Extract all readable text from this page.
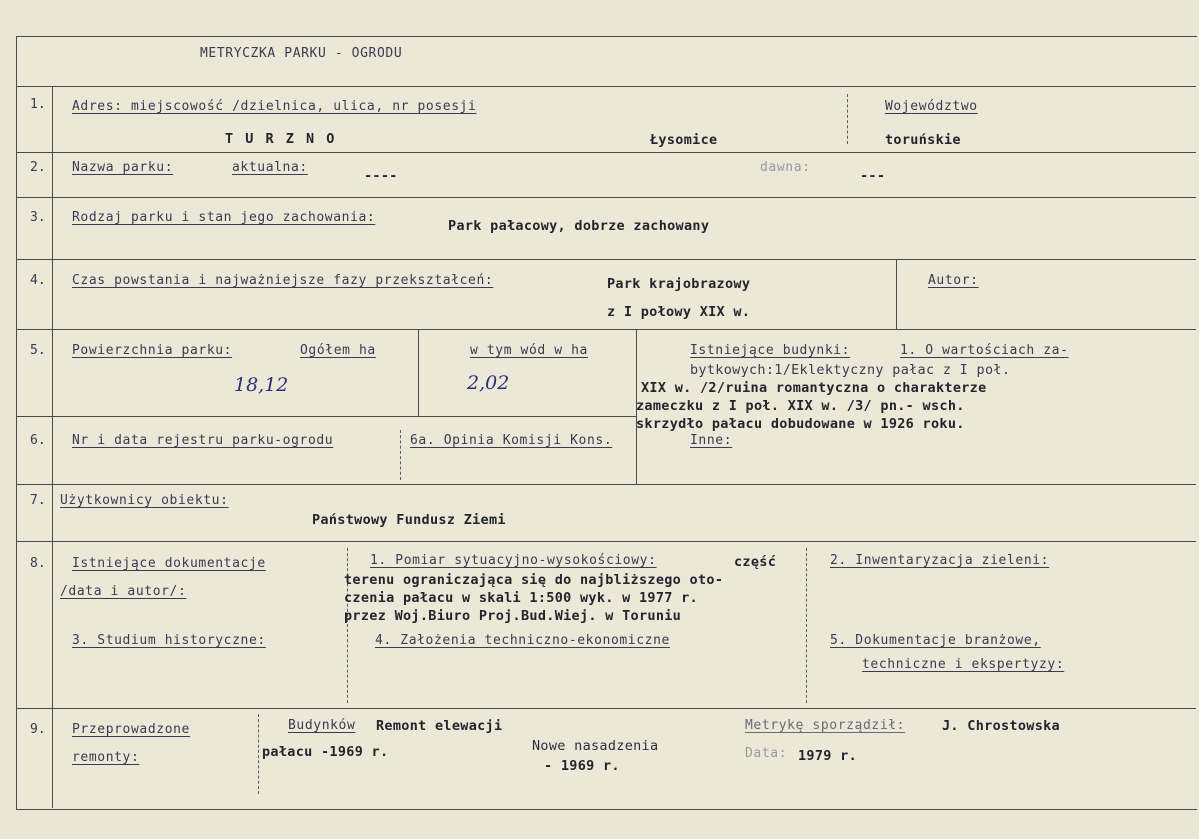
METRYCZKA PARKU - OGRODU
1. Adres: miejscowość /dzielnica, ulica, nr posesji	Województwo
T U R Z N O	Łysomice	toruńskie
2. Nazwa parku:	aktualna:
----
dawna:
---
3. Rodzaj parku i stan jego zachowania:
Park pałacowy, dobrze zachowany
4. Czas powstania i najważniejsze fazy przekształceń:	Park krajobrazowy
z I połowy XIX w.
Autor:
5. Powierzchnia parku:	Ogółem ha
18,12
w tym wód w ha
2,02
Istniejące budynki:	1. O wartościach za-
bytkowych:1/Eklektyczny pałac z I poł.
XIX w. /2/ruina romantyczna o charakterze
zameczku z I poł. XIX w. /3/ pn.- wsch.
skrzydło pałacu dobudowane w 1926 roku.
6. Nr i data rejestru parku-ogrodu	6a. Opinia Komisji Kons.	Inne:
7. Użytkownicy obiektu:
Państwowy Fundusz Ziemi
8. Istniejące dokumentacje
/data i autor/:
1. Pomiar sytuacyjno-wysokościowy:	część
terenu ograniczająca się do najbliższego oto-
czenia pałacu w skali 1:500 wyk. w 1977 r.
przez Woj.Biuro Proj.Bud.Wiej. w Toruniu
2. Inwentaryzacja zieleni:
3. Studium historyczne:	4. Założenia techniczno-ekonomiczne	5. Dokumentacje branżowe,
techniczne i ekspertyzy:
9. Przeprowadzone
remonty:
Budynków Remont elewacji
pałacu -1969 r.	Nowe nasadzenia
- 1969 r.
Metrykę sporządził:	J. Chrostowska
Data: 1979 r.
